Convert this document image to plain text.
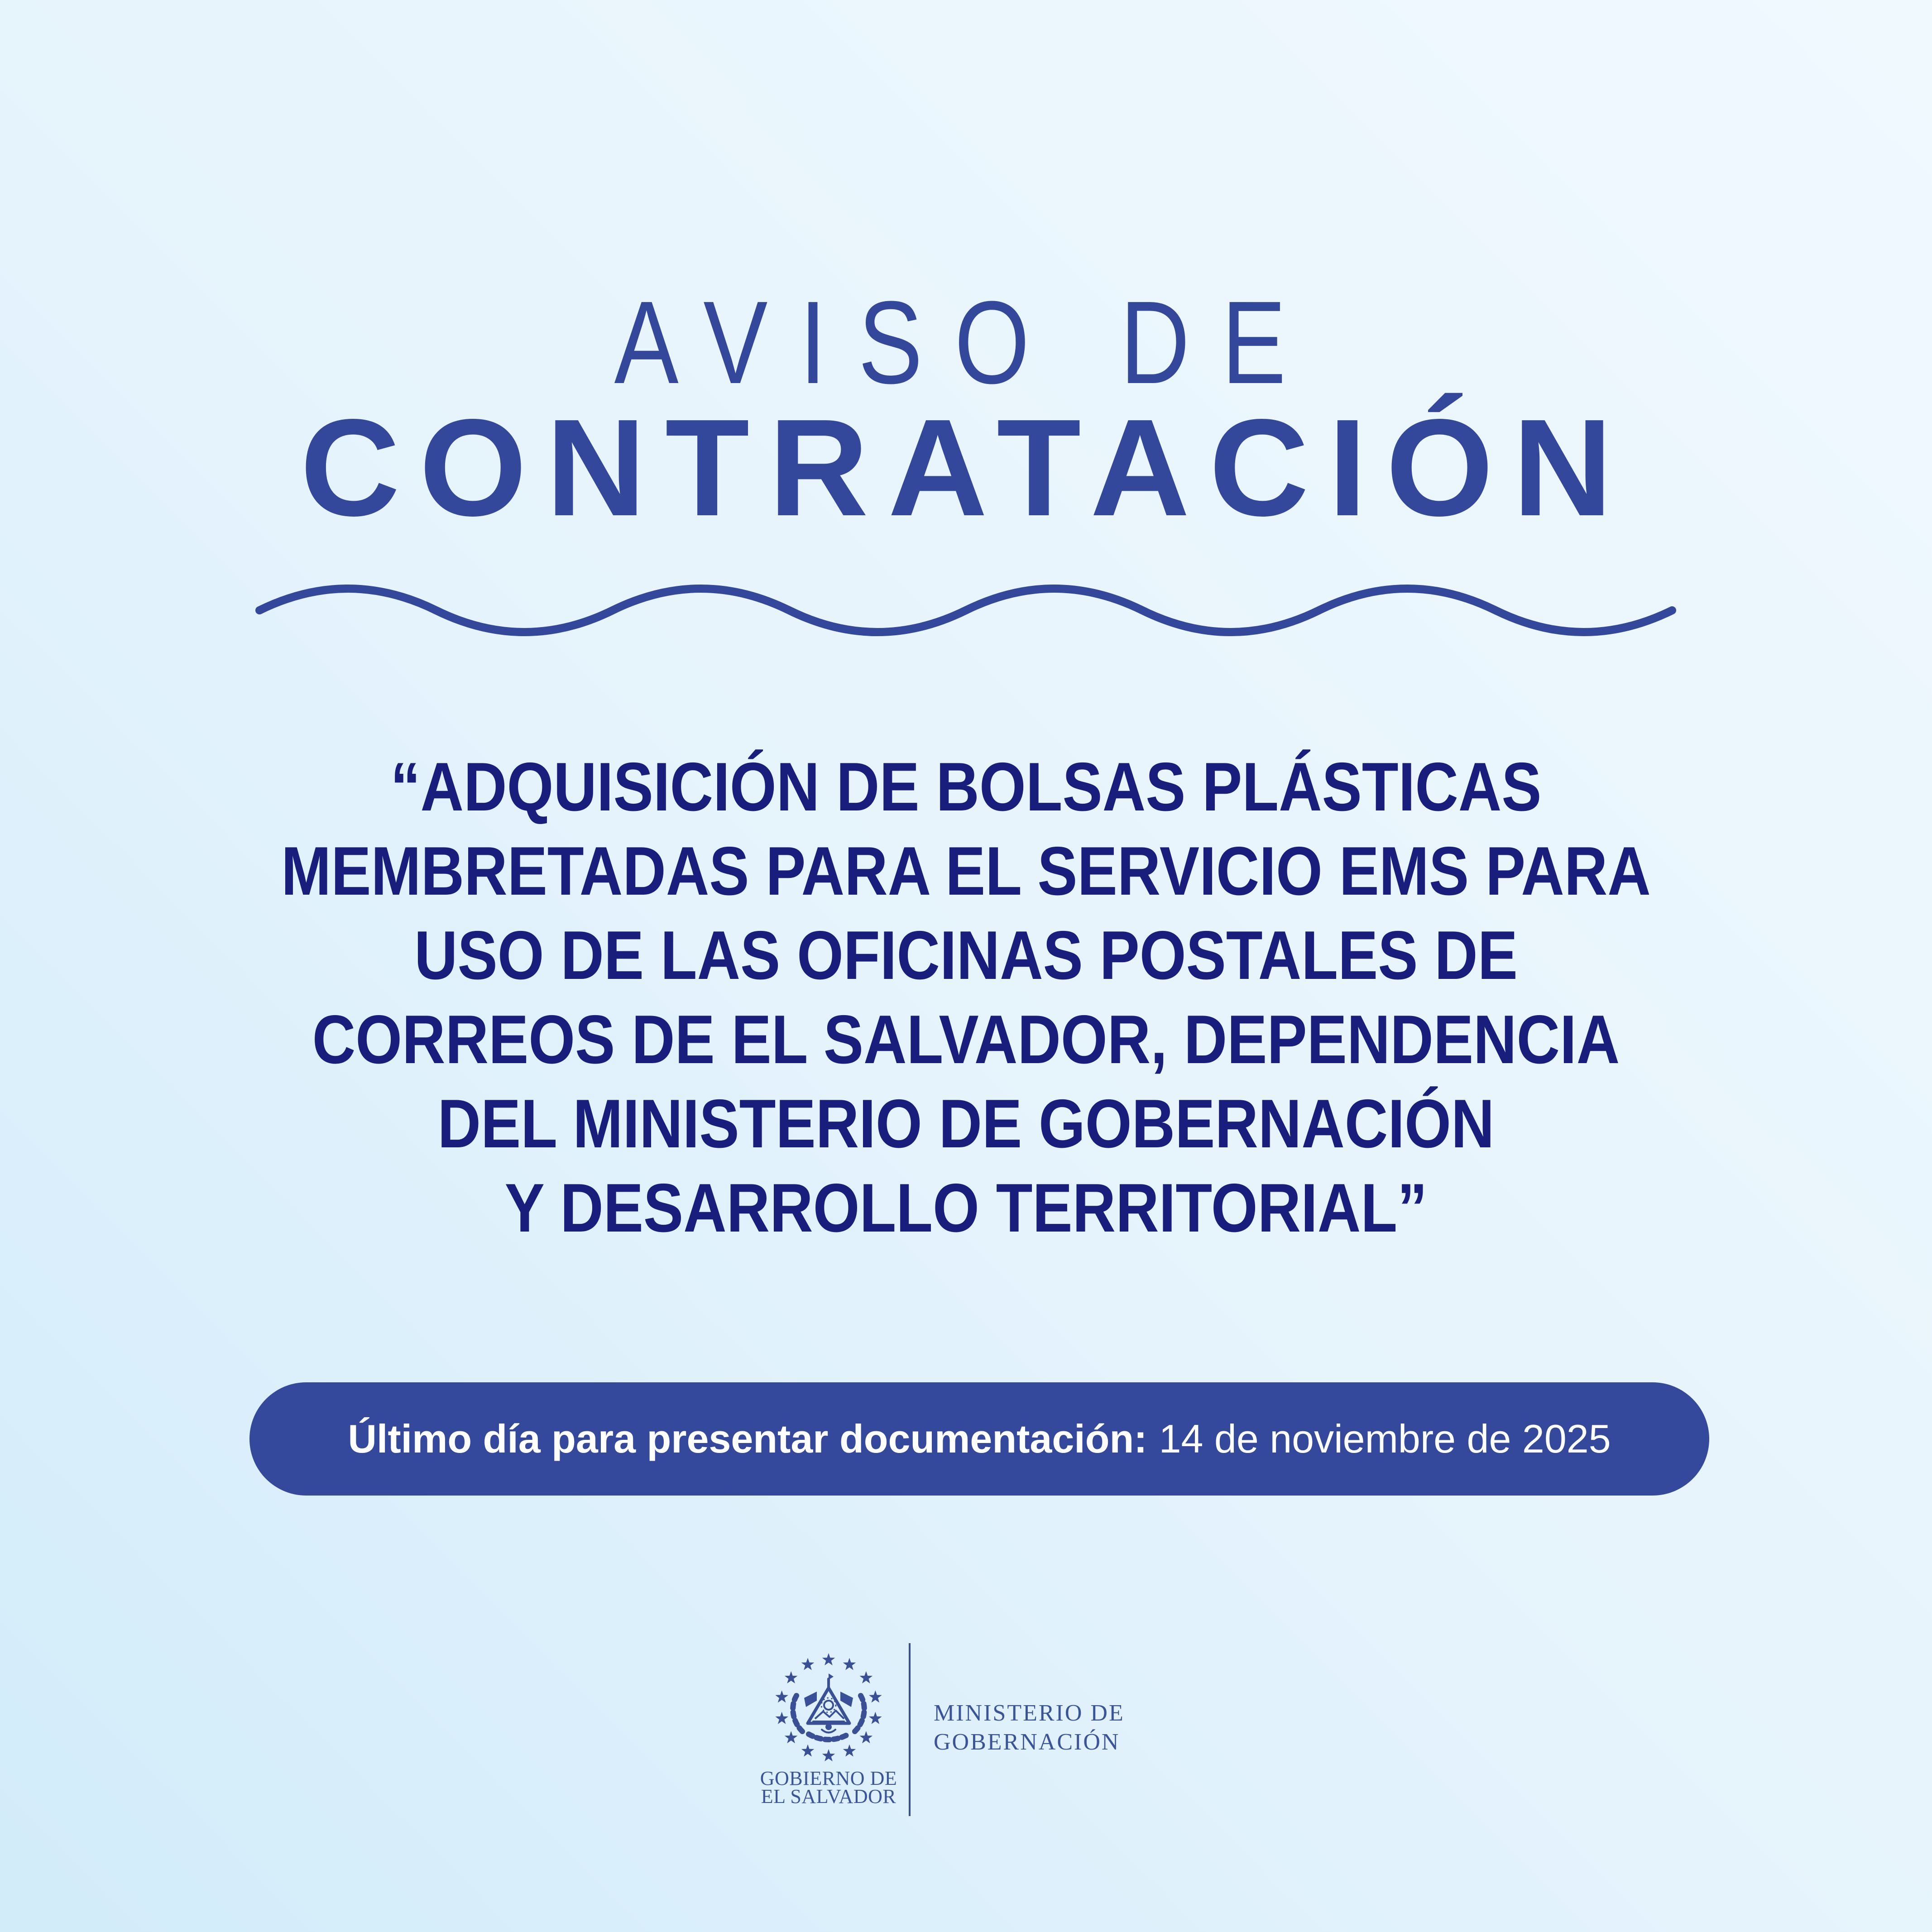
AVISO DE
CONTRATACIÓN
“ADQUISICIÓN DE BOLSAS PLÁSTICAS
MEMBRETADAS PARA EL SERVICIO EMS PARA
USO DE LAS OFICINAS POSTALES DE
CORREOS DE EL SALVADOR, DEPENDENCIA
DEL MINISTERIO DE GOBERNACIÓN
Y DESARROLLO TERRITORIAL”
Último día para presentar documentación: 14 de noviembre de 2025
GOBIERNO DE
EL SALVADOR
MINISTERIO DE
GOBERNACIÓN
